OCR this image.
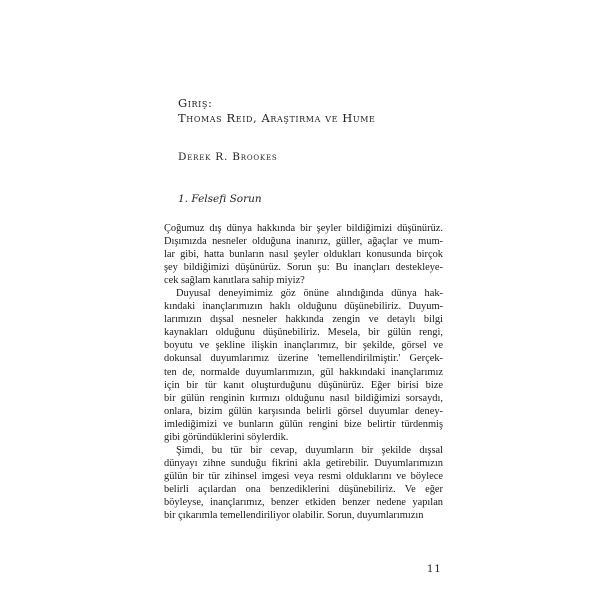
Giriş:
Thomas Reid, Araştırma ve Hume
Derek R. Brookes
1. Felsefi Sorun
Çoğumuz dış dünya hakkında bir şeyler bildiğimizi düşünürüz.
Dışımızda nesneler olduğuna inanırız, güller, ağaçlar ve mum-
lar gibi, hatta bunların nasıl şeyler oldukları konusunda birçok
şey bildiğimizi düşünürüz. Sorun şu: Bu inançları destekleye-
cek sağlam kanıtlara sahip miyiz?
Duyusal deneyimimiz göz önüne alındığında dünya hak-
kındaki inançlarımızın haklı olduğunu düşünebiliriz. Duyum-
larımızın dışsal nesneler hakkında zengin ve detaylı bilgi
kaynakları olduğunu düşünebiliriz. Mesela, bir gülün rengi,
boyutu ve şekline ilişkin inançlarımız, bir şekilde, görsel ve
dokunsal duyumlarımız üzerine 'temellendirilmiştir.' Gerçek-
ten de, normalde duyumlarımızın, gül hakkındaki inançlarımız
için bir tür kanıt oluşturduğunu düşünürüz. Eğer birisi bize
bir gülün renginin kırmızı olduğunu nasıl bildiğimizi sorsaydı,
onlara, bizim gülün karşısında belirli görsel duyumlar deney-
imlediğimizi ve bunların gülün rengini bize belirtir türdenmiş
gibi göründüklerini söylerdik.
Şimdi, bu tür bir cevap, duyumların bir şekilde dışsal
dünyayı zihne sunduğu fikrini akla getirebilir. Duyumlarımızın
gülün bir tür zihinsel imgesi veya resmi olduklarını ve böylece
belirli açılardan ona benzediklerini düşünebiliriz. Ve eğer
böyleyse, inançlarımız, benzer etkiden benzer nedene yapılan
bir çıkarımla temellendiriliyor olabilir. Sorun, duyumlarımızın
11
